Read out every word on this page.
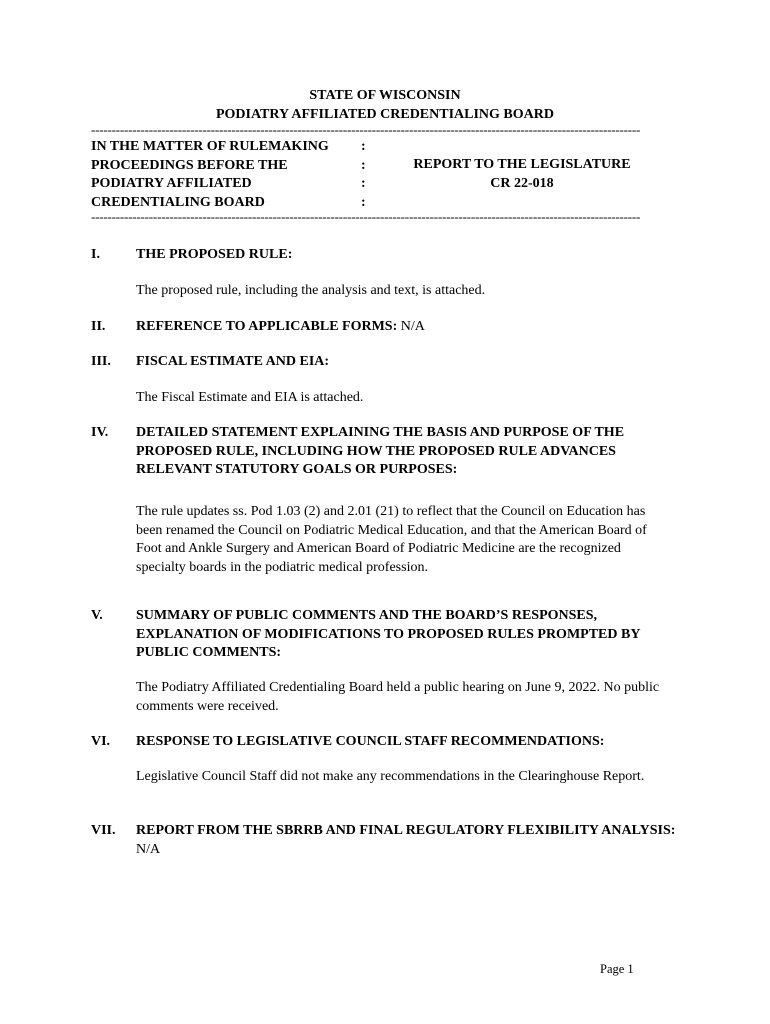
STATE OF WISCONSIN
PODIATRY AFFILIATED CREDENTIALING BOARD
-------------------------------------------------------------------------------------------------------------------------------------
IN THE MATTER OF RULEMAKING
PROCEEDINGS BEFORE THE
PODIATRY AFFILIATED
CREDENTIALING BOARD
:
:
:
:
REPORT TO THE LEGISLATURE
CR 22-018
-------------------------------------------------------------------------------------------------------------------------------------
I.	THE PROPOSED RULE:
The proposed rule, including the analysis and text, is attached.
II. REFERENCE TO APPLICABLE FORMS: N/A
III. FISCAL ESTIMATE AND EIA:
The Fiscal Estimate and EIA is attached.
IV. DETAILED STATEMENT EXPLAINING THE BASIS AND PURPOSE OF THE PROPOSED RULE, INCLUDING HOW THE PROPOSED RULE ADVANCES RELEVANT STATUTORY GOALS OR PURPOSES:
The rule updates ss. Pod 1.03 (2) and 2.01 (21) to reflect that the Council on Education has been renamed the Council on Podiatric Medical Education, and that the American Board of Foot and Ankle Surgery and American Board of Podiatric Medicine are the recognized specialty boards in the podiatric medical profession.
V. SUMMARY OF PUBLIC COMMENTS AND THE BOARD’S RESPONSES, EXPLANATION OF MODIFICATIONS TO PROPOSED RULES PROMPTED BY PUBLIC COMMENTS:
The Podiatry Affiliated Credentialing Board held a public hearing on June 9, 2022. No public comments were received.
VI. RESPONSE TO LEGISLATIVE COUNCIL STAFF RECOMMENDATIONS:
Legislative Council Staff did not make any recommendations in the Clearinghouse Report.
VII. REPORT FROM THE SBRRB AND FINAL REGULATORY FLEXIBILITY ANALYSIS: N/A
Page 1
